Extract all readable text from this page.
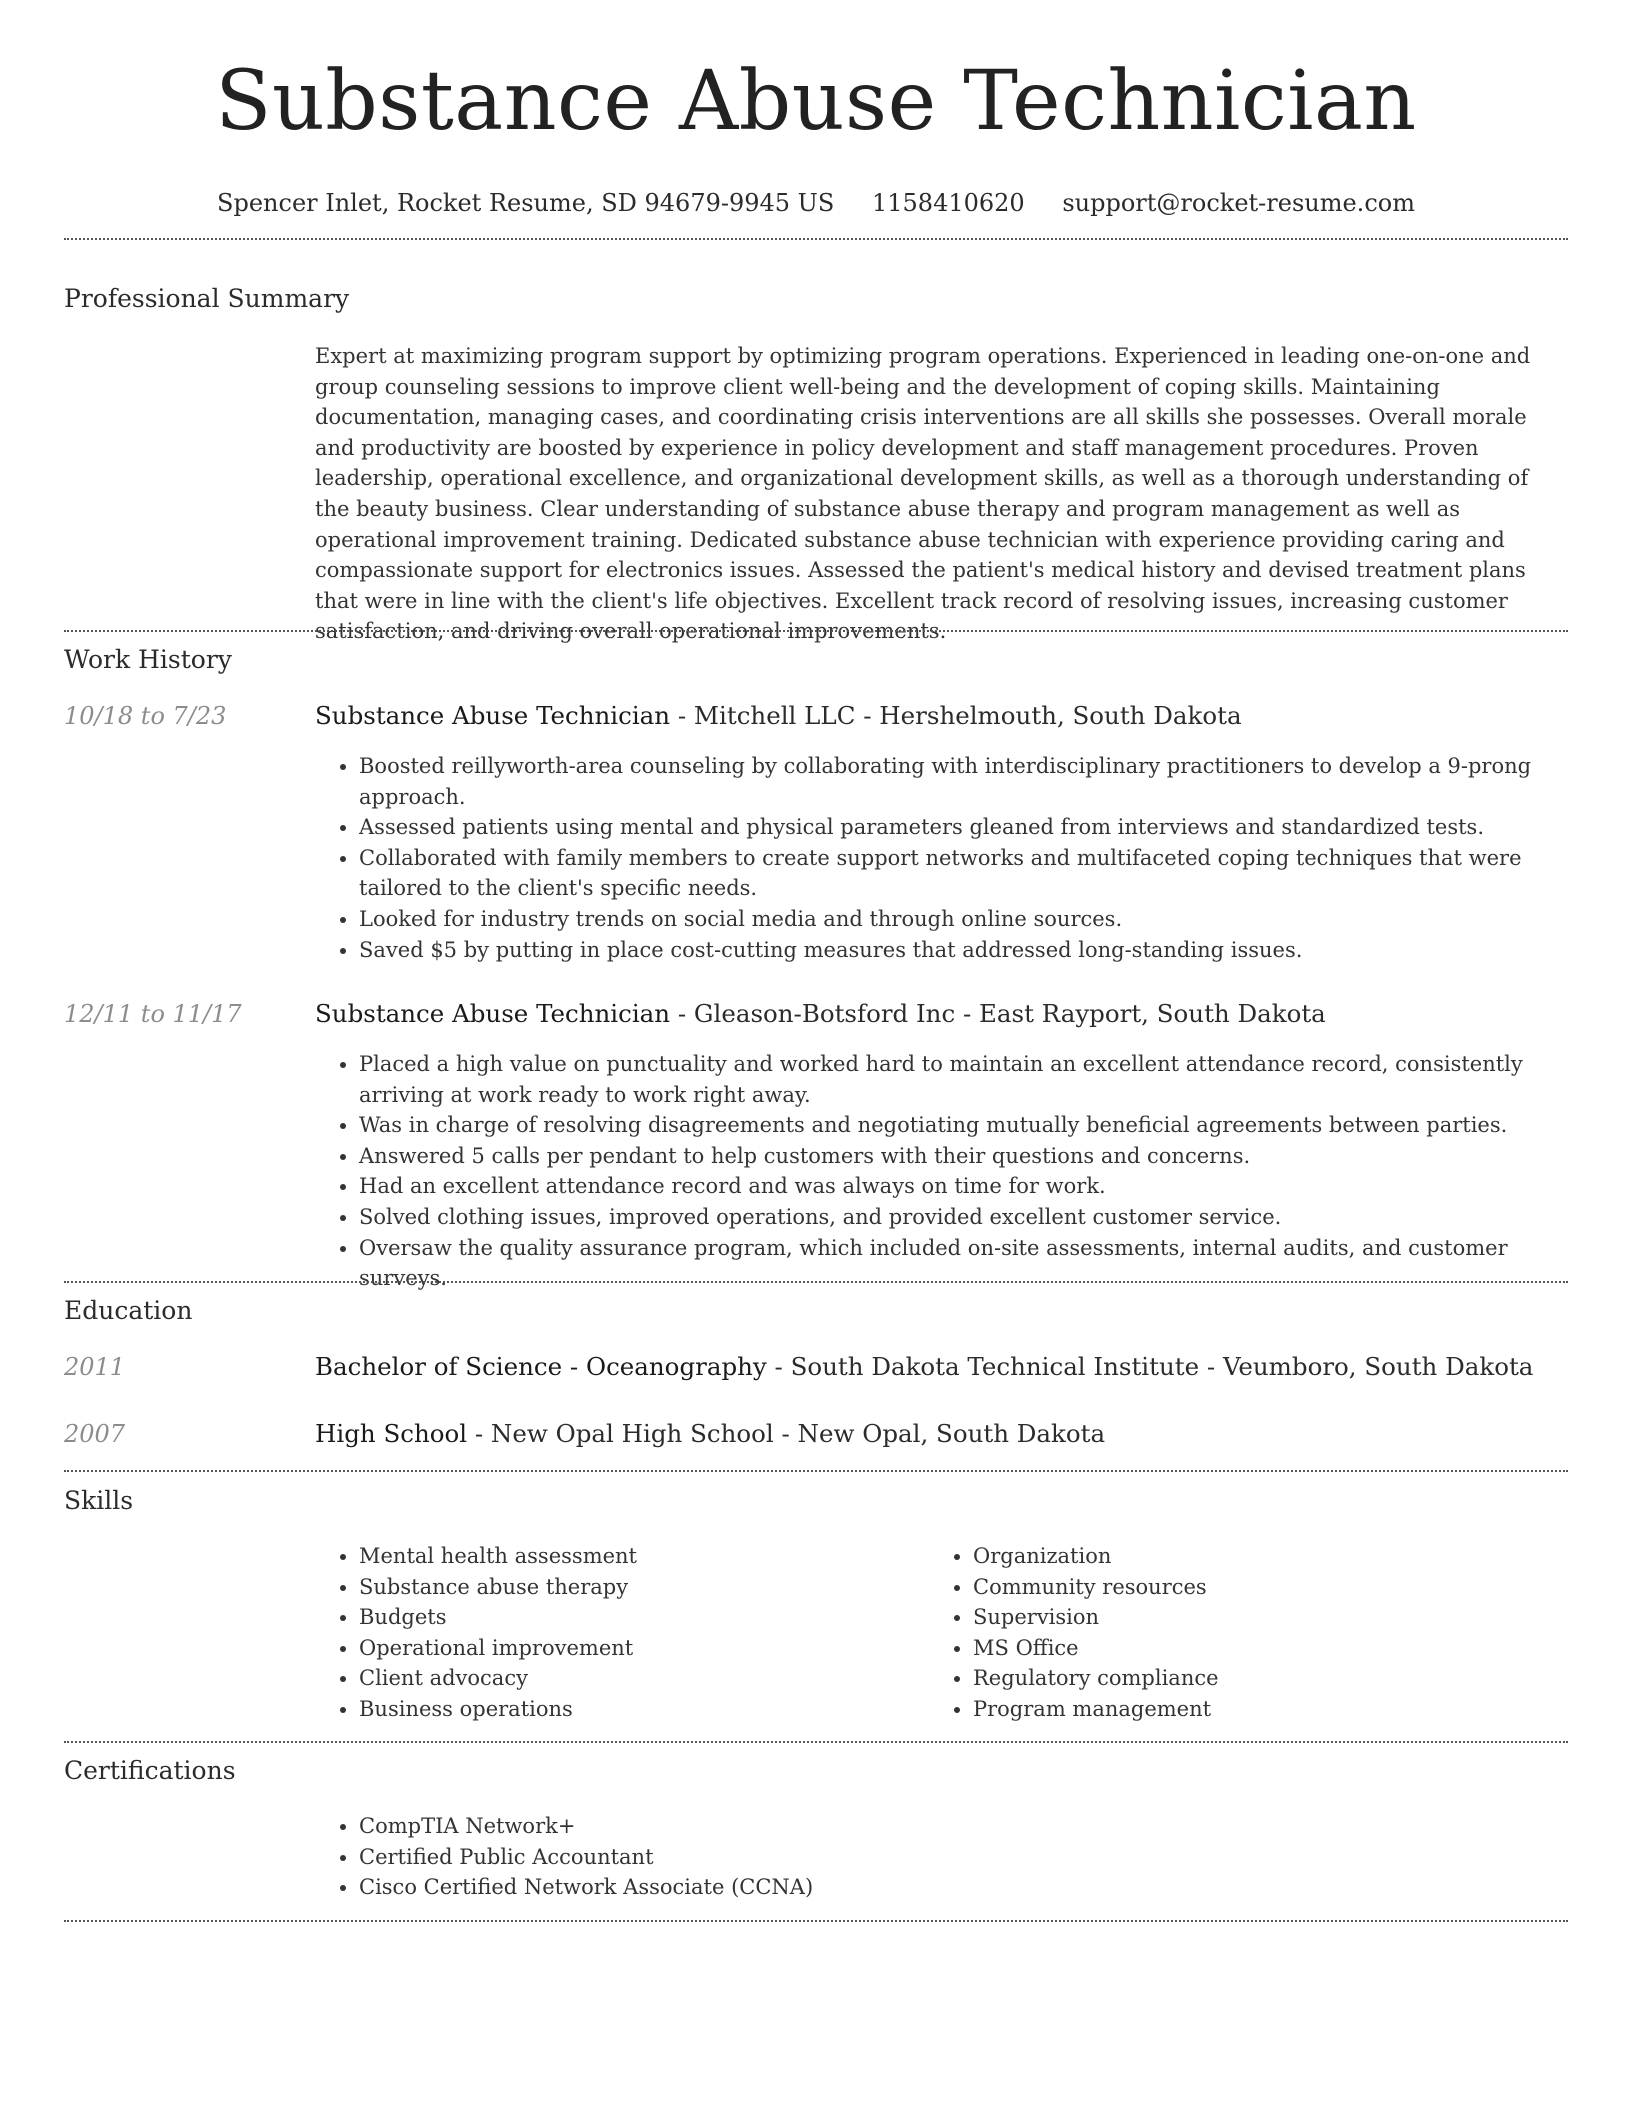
Substance Abuse Technician
Spencer Inlet, Rocket Resume, SD 94679-9945 US 1158410620 support@rocket-resume.com
Professional Summary

Expert at maximizing program support by optimizing program operations. Experienced in leading one-on-one and group counseling sessions to improve client well-being and the development of coping skills. Maintaining documentation, managing cases, and coordinating crisis interventions are all skills she possesses. Overall morale and productivity are boosted by experience in policy development and staff management procedures. Proven leadership, operational excellence, and organizational development skills, as well as a thorough understanding of the beauty business. Clear understanding of substance abuse therapy and program management as well as operational improvement training. Dedicated substance abuse technician with experience providing caring and compassionate support for electronics issues. Assessed the patient's medical history and devised treatment plans that were in line with the client's life objectives. Excellent track record of resolving issues, increasing customer satisfaction, and driving overall operational improvements.

Work History
10/18 to 7/23	Substance Abuse Technician - Mitchell LLC - Hershelmouth, South Dakota
• Boosted reillyworth-area counseling by collaborating with interdisciplinary practitioners to develop a 9-prong approach.
• Assessed patients using mental and physical parameters gleaned from interviews and standardized tests.
• Collaborated with family members to create support networks and multifaceted coping techniques that were tailored to the client's specific needs.
• Looked for industry trends on social media and through online sources.
• Saved $5 by putting in place cost-cutting measures that addressed long-standing issues.
12/11 to 11/17	Substance Abuse Technician - Gleason-Botsford Inc - East Rayport, South Dakota
• Placed a high value on punctuality and worked hard to maintain an excellent attendance record, consistently arriving at work ready to work right away.
• Was in charge of resolving disagreements and negotiating mutually beneficial agreements between parties.
• Answered 5 calls per pendant to help customers with their questions and concerns.
• Had an excellent attendance record and was always on time for work.
• Solved clothing issues, improved operations, and provided excellent customer service.
• Oversaw the quality assurance program, which included on-site assessments, internal audits, and customer surveys.
Education
2011	Bachelor of Science - Oceanography - South Dakota Technical Institute - Veumboro, South Dakota
2007	High School - New Opal High School - New Opal, South Dakota
Skills
• Mental health assessment
• Substance abuse therapy
• Budgets
• Operational improvement
• Client advocacy
• Business operations
• Organization
• Community resources
• Supervision
• MS Office
• Regulatory compliance
• Program management
Certifications
• CompTIA Network+
• Certified Public Accountant
• Cisco Certified Network Associate (CCNA)
